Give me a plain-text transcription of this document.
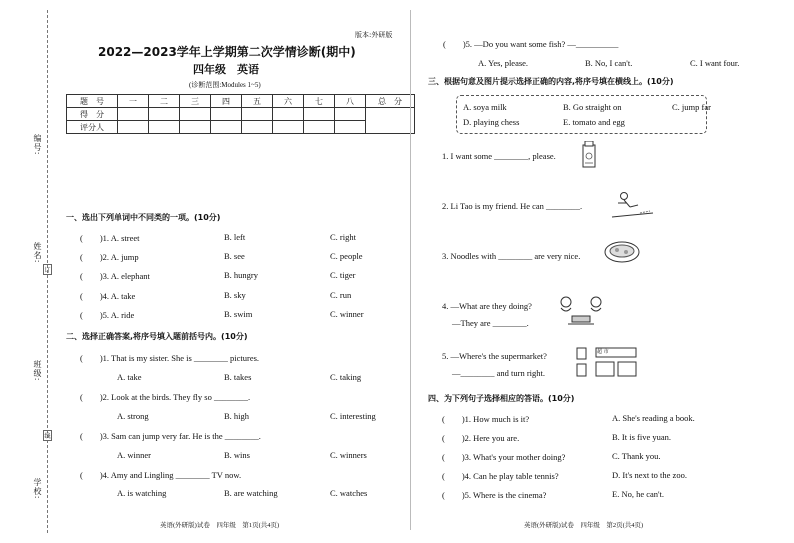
编号:
姓名:
班级:
学校:
订
线
版本:外研版
2022—2023学年上学期第二次学情诊断(期中)
四年级　英语
(诊断范围:Modules 1~5)
题　号	一	二	三	四	五	六	七	八	总　分
得　分									
评分人									
一、选出下列单词中不同类的一项。(10分)
(　　)1. A. street	B. left	C. right
(　　)2. A. jump	B. see	C. people
(　　)3. A. elephant	B. hungry	C. tiger
(　　)4. A. take	B. sky	C. run
(　　)5. A. ride	B. swim	C. winner
二、选择正确答案,将序号填入题前括号内。(10分)
(　　)1. That is my sister. She is ________ pictures.
A. take	B. takes	C. taking
(　　)2. Look at the birds. They fly so ________.
A. strong	B. high	C. interesting
(　　)3. Sam can jump very far. He is the ________.
A. winner	B. wins	C. winners
(　　)4. Amy and Lingling ________ TV now.
A. is watching	B. are watching	C. watches
英语(外研版)试卷　四年级　第1页(共4页)
(　　)5. —Do you want some fish? —__________
A. Yes, please.	B. No, I can't.	C. I want four.
三、根据句意及图片提示选择正确的内容,将序号填在横线上。(10分)
A. soya milk	B. Go straight on	C. jump far
D. playing chess	E. tomato and egg
1. I want some ________, please.
2. Li Tao is my friend. He can ________.
3. Noodles with ________ are very nice.
4. —What are they doing?
—They are ________.
5. —Where's the supermarket?
—________ and turn right.
超 市
四、为下列句子选择相应的答语。(10分)
(　　)1. How much is it?	A. She's reading a book.
(　　)2. Here you are.	B. It is five yuan.
(　　)3. What's your mother doing?	C. Thank you.
(　　)4. Can he play table tennis?	D. It's next to the zoo.
(　　)5. Where is the cinema?	E. No, he can't.
英语(外研版)试卷　四年级　第2页(共4页)
